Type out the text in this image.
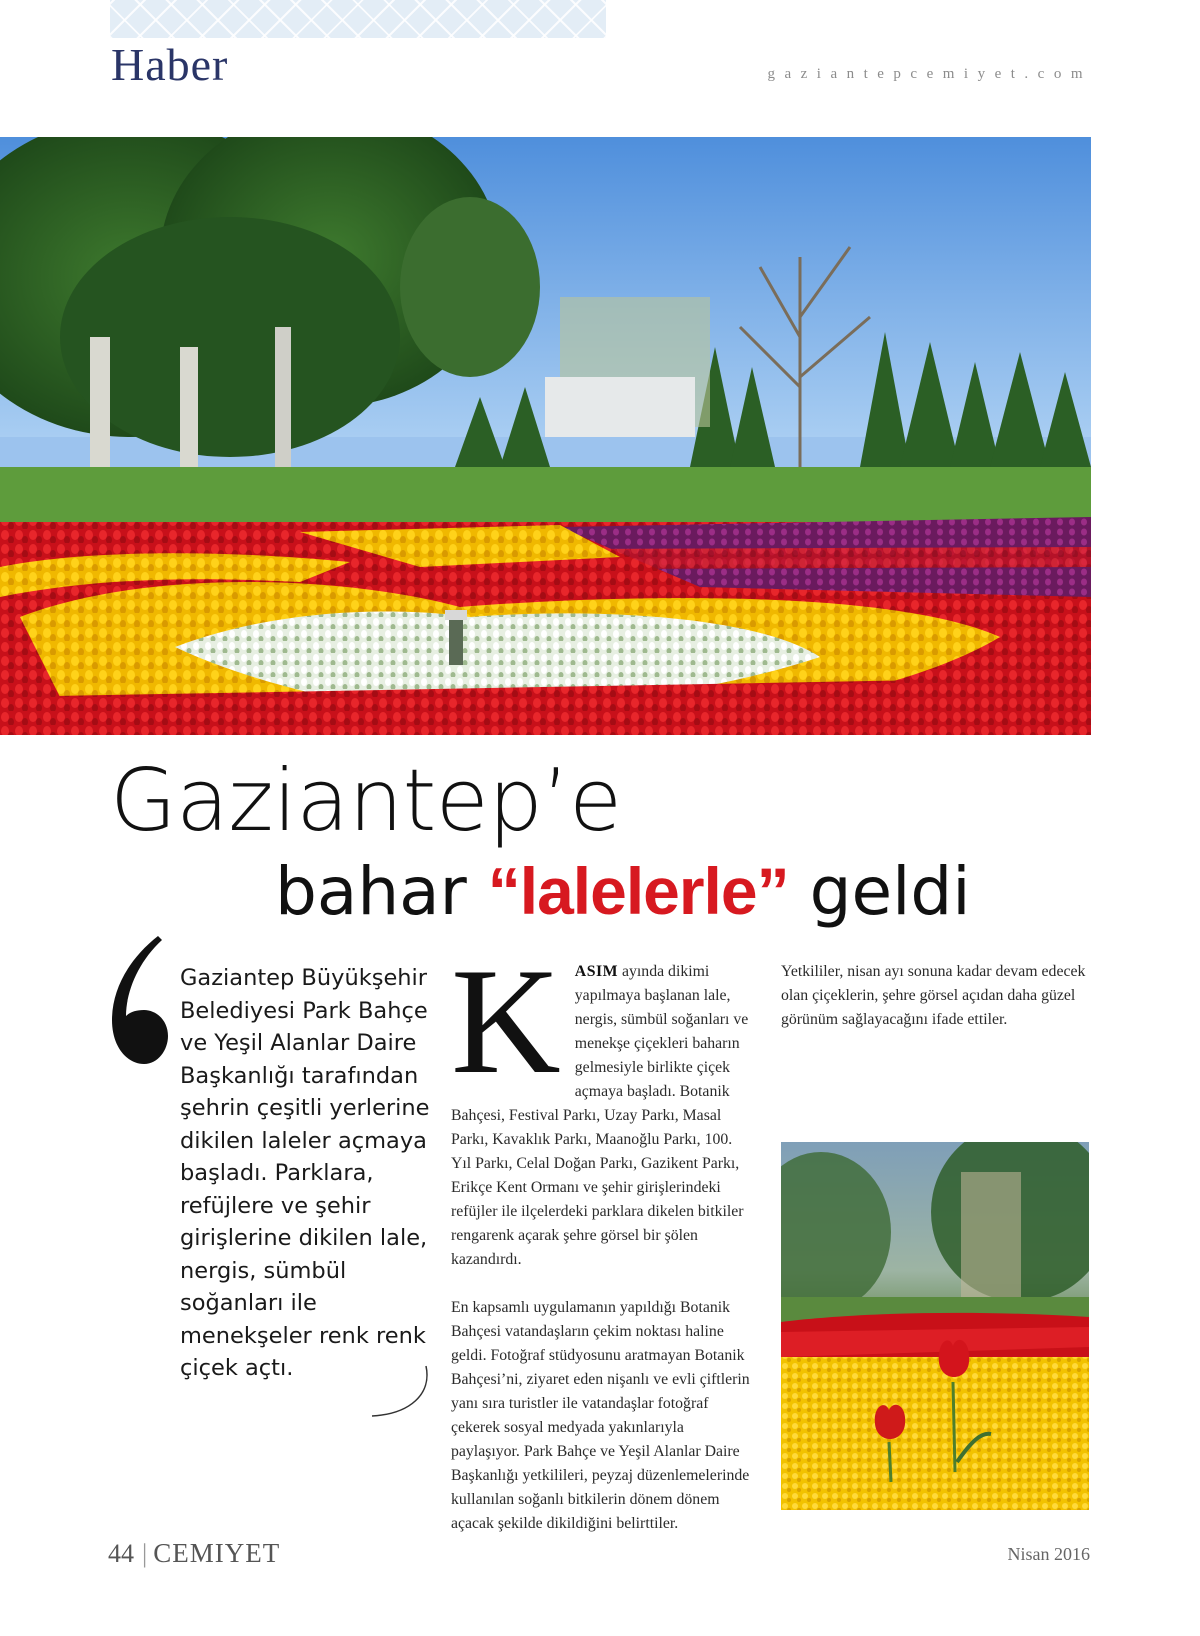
Haber	gaziantepcemiyet.com
Gaziantep’e
bahar “lalelerle” geldi

Gaziantep Büyükşehir Belediyesi Park Bahçe ve Yeşil Alanlar Daire Başkanlığı tarafından şehrin çeşitli yerlerine dikilen laleler açmaya başladı. Parklara, refüjlere ve şehir girişlerine dikilen lale, nergis, sümbül soğanları ile menekşeler renk renk çiçek açtı.

KASIM ayında dikimi yapılmaya başlanan lale, nergis, sümbül soğanları ve menekşe çiçekleri baharın gelmesiyle birlikte çiçek açmaya başladı. Botanik Bahçesi, Festival Parkı, Uzay Parkı, Masal Parkı, Kavaklık Parkı, Maanoğlu Parkı, 100. Yıl Parkı, Celal Doğan Parkı, Gazikent Parkı, Erikçe Kent Ormanı ve şehir girişlerindeki refüjler ile ilçelerdeki parklara dikelen bitkiler rengarenk açarak şehre görsel bir şölen kazandırdı.

En kapsamlı uygulamanın yapıldığı Botanik Bahçesi vatandaşların çekim noktası haline geldi. Fotoğraf stüdyosunu aratmayan Botanik Bahçesi’ni, ziyaret eden nişanlı ve evli çiftlerin yanı sıra turistler ile vatandaşlar fotoğraf çekerek sosyal medyada yakınlarıyla paylaşıyor. Park Bahçe ve Yeşil Alanlar Daire Başkanlığı yetkilileri, peyzaj düzenlemelerinde kullanılan soğanlı bitkilerin dönem dönem açacak şekilde dikildiğini belirttiler.

Yetkililer, nisan ayı sonuna kadar devam edecek olan çiçeklerin, şehre görsel açıdan daha güzel görünüm sağlayacağını ifade ettiler.

44 | CEMIYET	Nisan 2016
